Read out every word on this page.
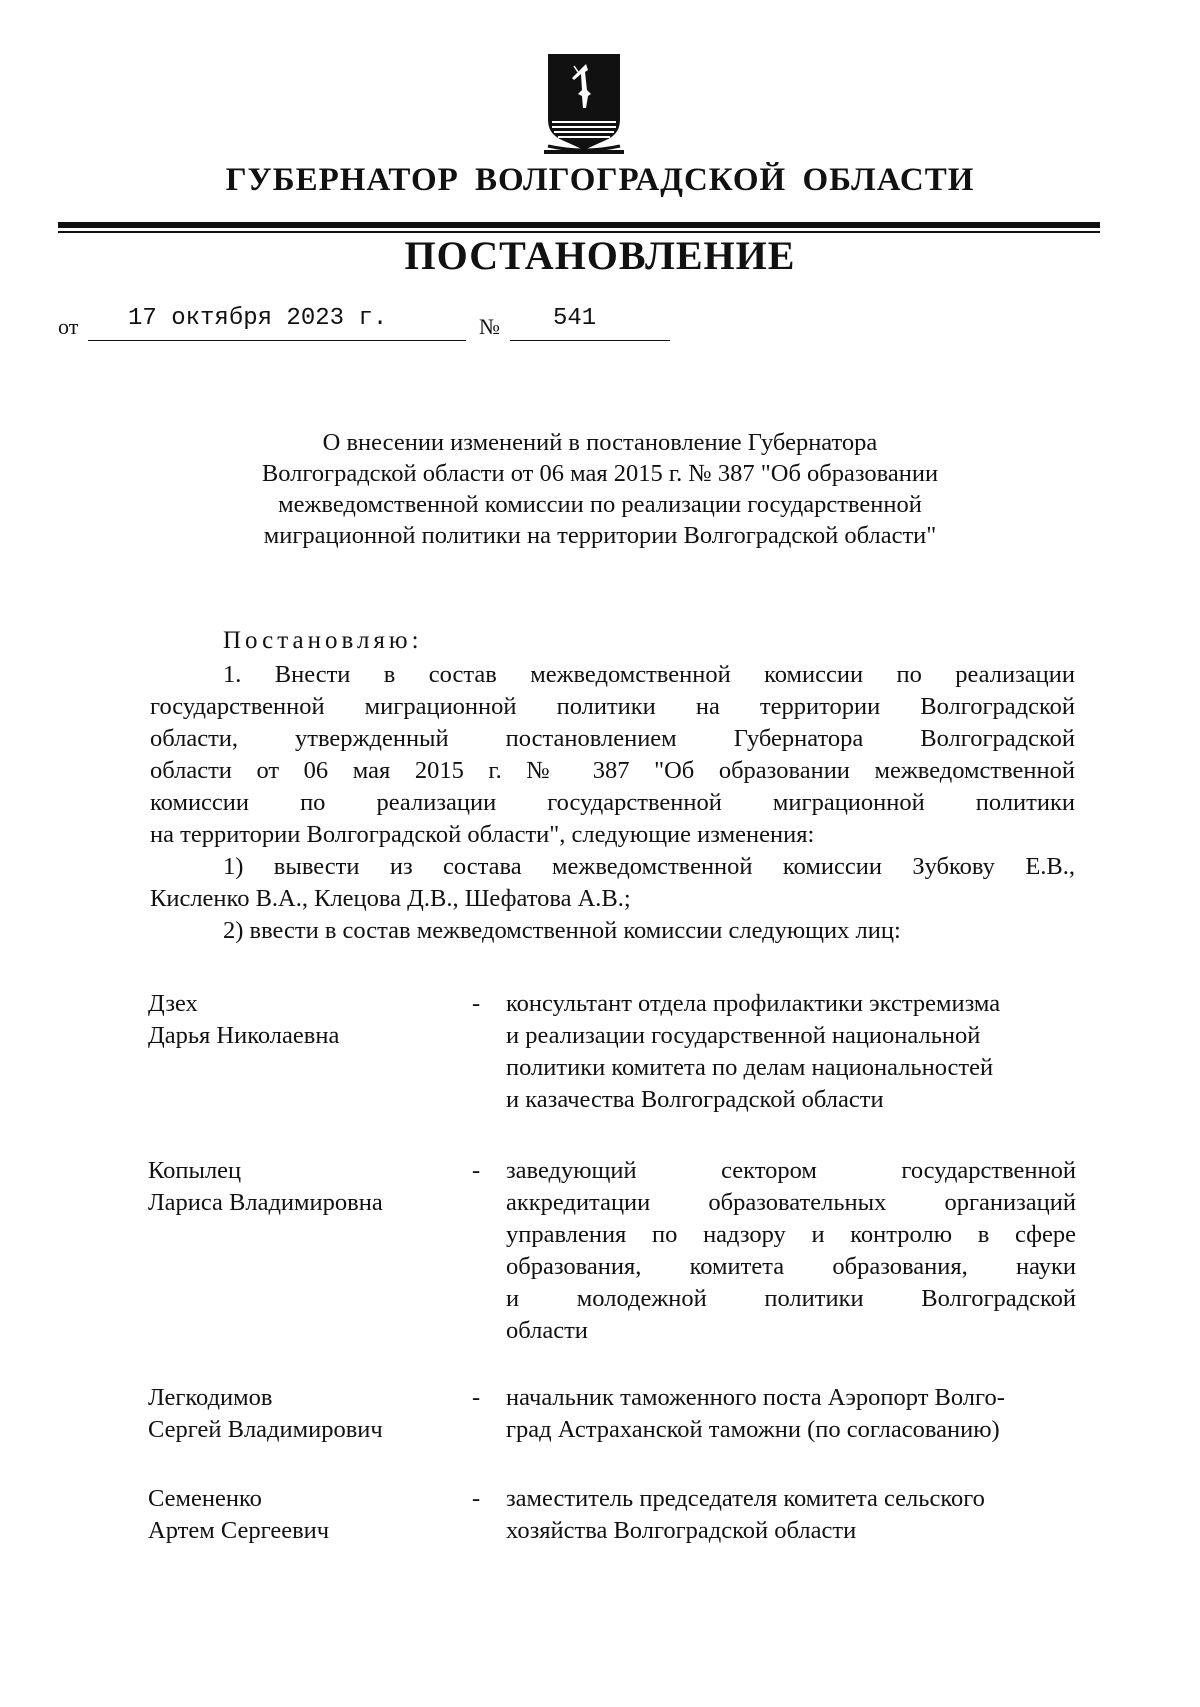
ГУБЕРНАТОР ВОЛГОГРАДСКОЙ ОБЛАСТИ
ПОСТАНОВЛЕНИЕ
от 17 октября 2023 г.	№ 541
О внесении изменений в постановление Губернатора
Волгоградской области от 06 мая 2015 г. № 387 "Об образовании
межведомственной комиссии по реализации государственной
миграционной политики на территории Волгоградской области"
Постановляю:
1. Внести в состав межведомственной комиссии по реализации
государственной миграционной политики на территории Волгоградской
области, утвержденный постановлением Губернатора Волгоградской
области от 06 мая 2015 г. № 387 "Об образовании межведомственной
комиссии по реализации государственной миграционной политики
на территории Волгоградской области", следующие изменения:
1) вывести из состава межведомственной комиссии Зубкову Е.В.,
Кисленко В.А., Клецова Д.В., Шефатова А.В.;
2) ввести в состав межведомственной комиссии следующих лиц:
Дзех
Дарья Николаевна
- консультант отдела профилактики экстремизма
и реализации государственной национальной
политики комитета по делам национальностей
и казачества Волгоградской области
Копылец
Лариса Владимировна
- заведующий сектором государственной
аккредитации образовательных организаций
управления по надзору и контролю в сфере
образования, комитета образования, науки
и молодежной политики Волгоградской
области
Легкодимов
Сергей Владимирович
- начальник таможенного поста Аэропорт Волго-
град Астраханской таможни (по согласованию)
Семененко
Артем Сергеевич
- заместитель председателя комитета сельского
хозяйства Волгоградской области
